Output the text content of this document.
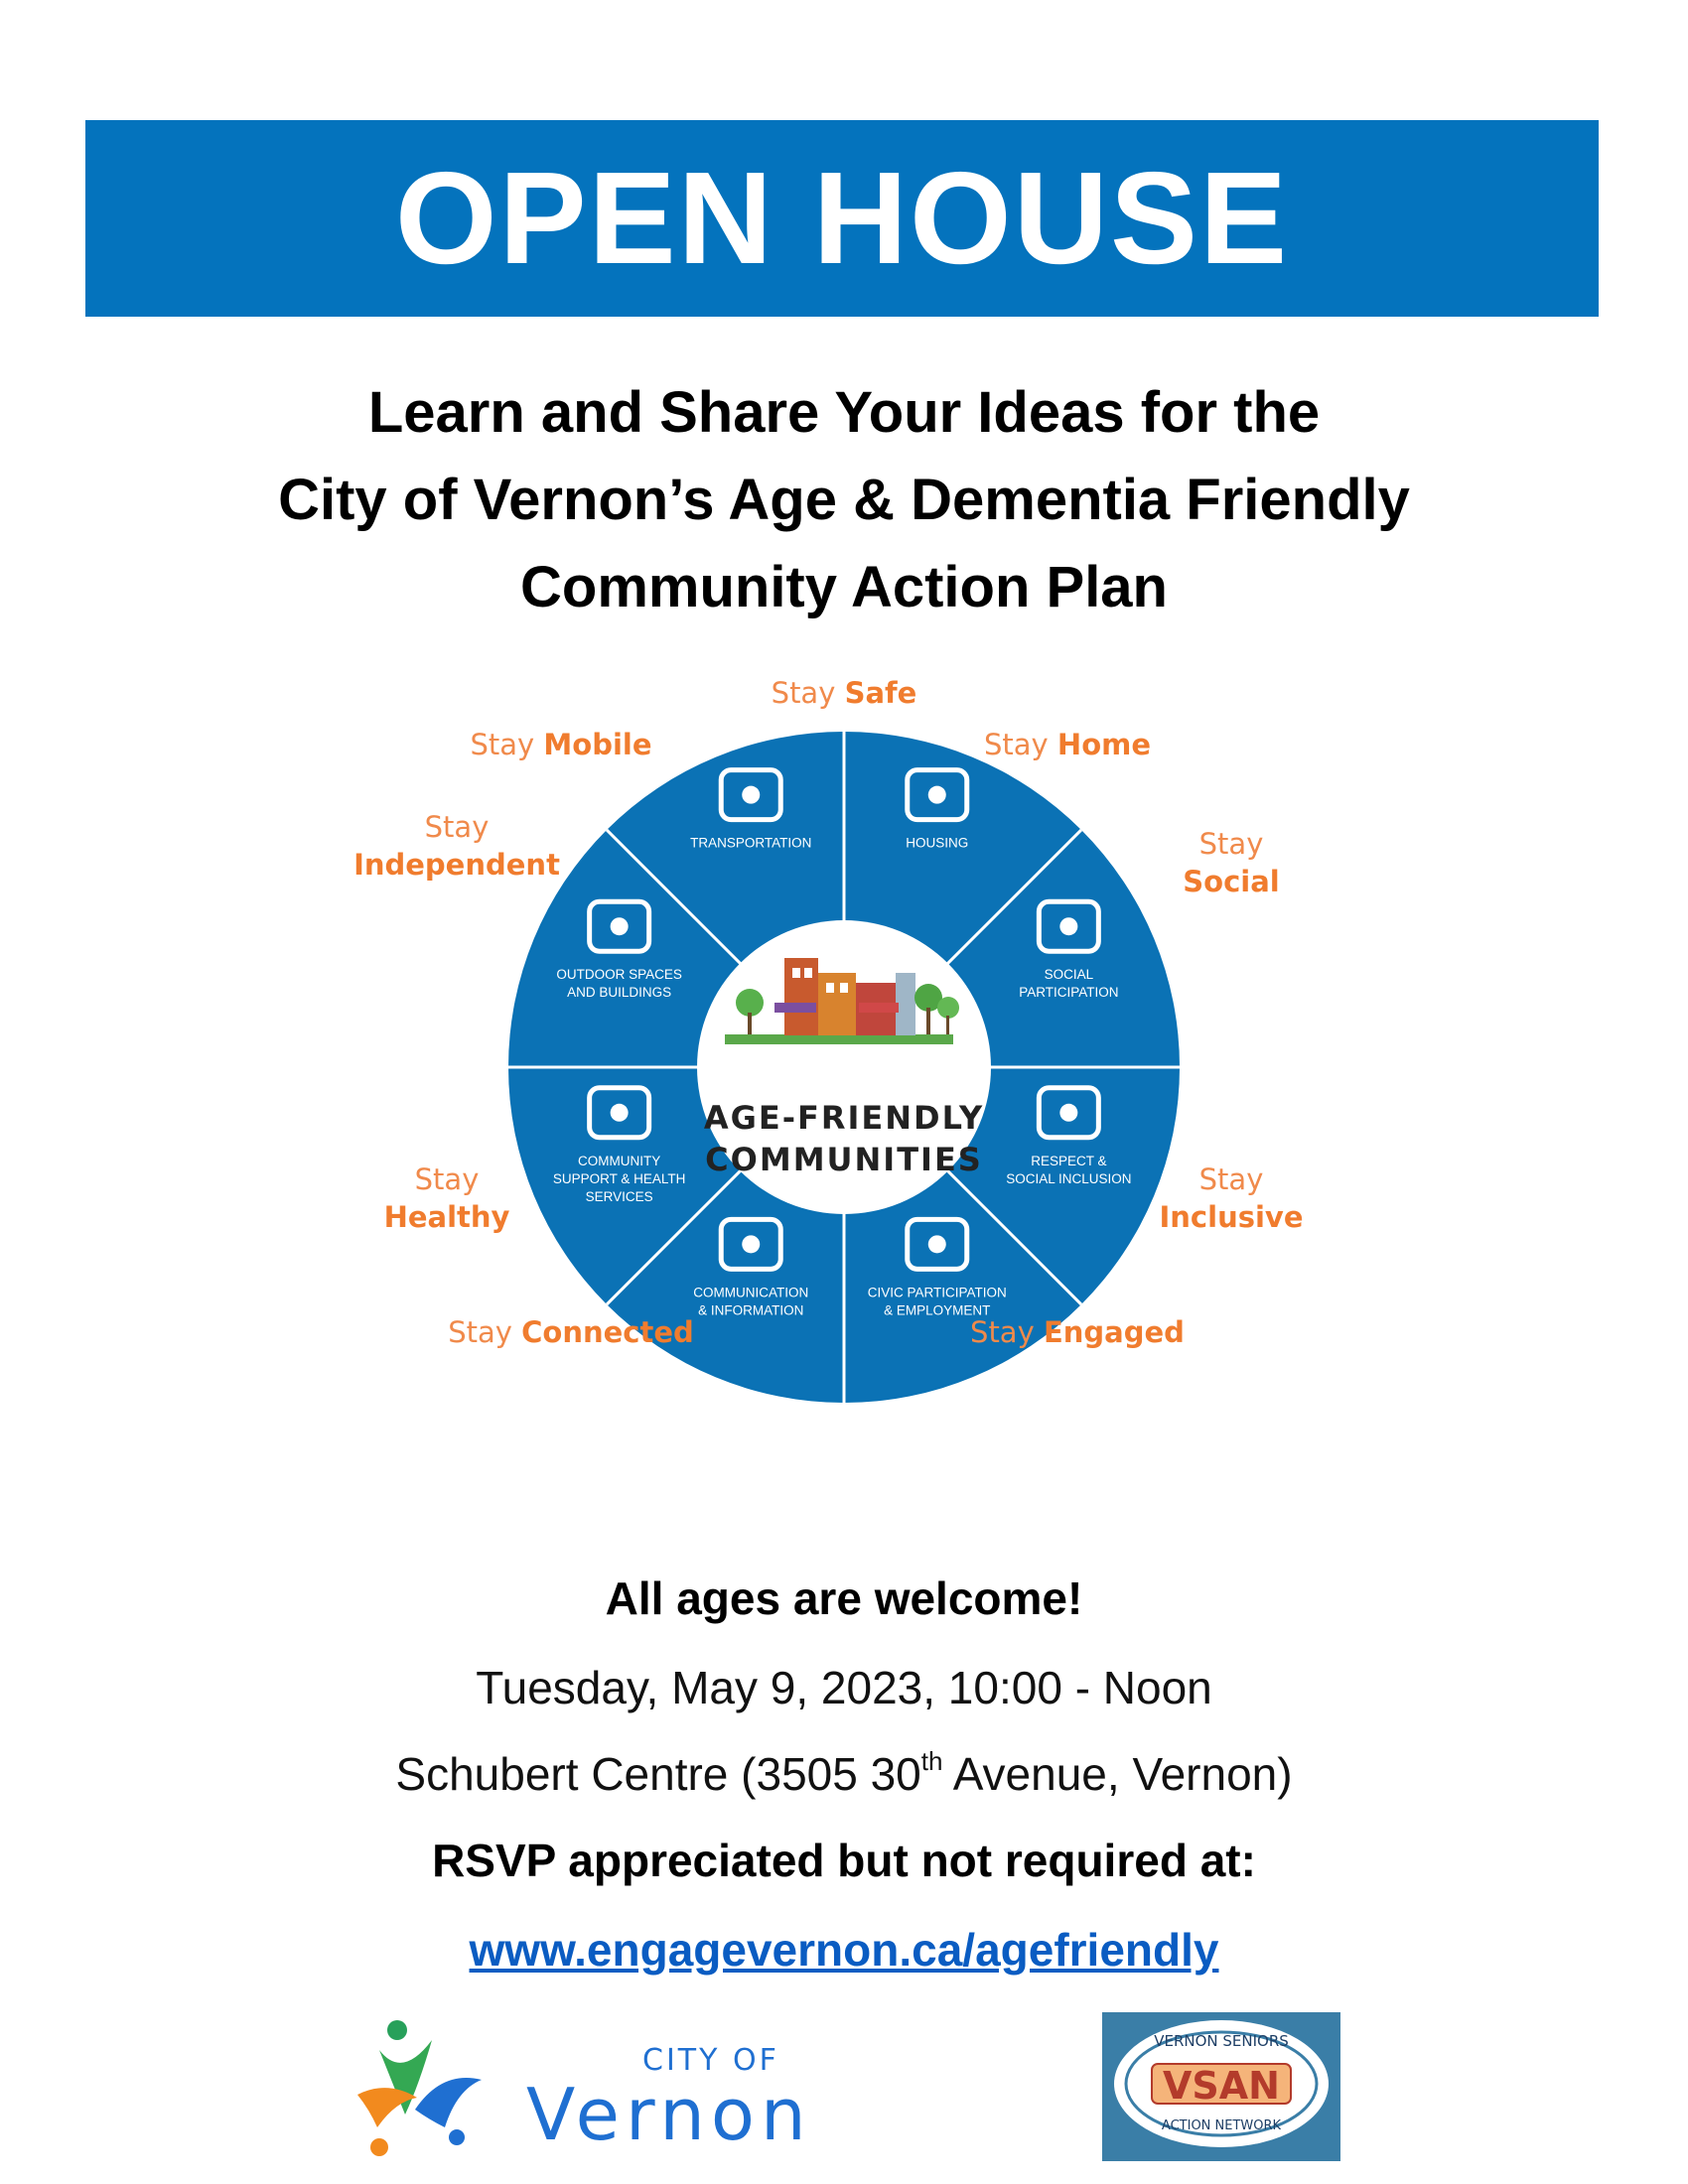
OPEN HOUSE
Learn and Share Your Ideas for the
City of Vernon’s Age & Dementia Friendly
Community Action Plan
TRANSPORTATION	HOUSING
SOCIAL
PARTICIPATION
RESPECT &
SOCIAL INCLUSION
CIVIC PARTICIPATION
& EMPLOYMENT
COMMUNICATION
& INFORMATION
COMMUNITY
SUPPORT & HEALTH
SERVICES
OUTDOOR SPACES
AND BUILDINGS
AGE-FRIENDLY
COMMUNITIES
Stay Safe
Stay Home
Stay
Social
Stay
Inclusive
Stay Engaged
Stay Connected
Stay
Healthy
Stay
Independent
Stay Mobile
All ages are welcome!
Tuesday, May 9, 2023, 10:00 - Noon
Schubert Centre (3505 30th Avenue, Vernon)
RSVP appreciated but not required at:
www.engagevernon.ca/agefriendly
CITY OF
Vernon	VSAN
VERNON SENIORS
ACTION NETWORK
